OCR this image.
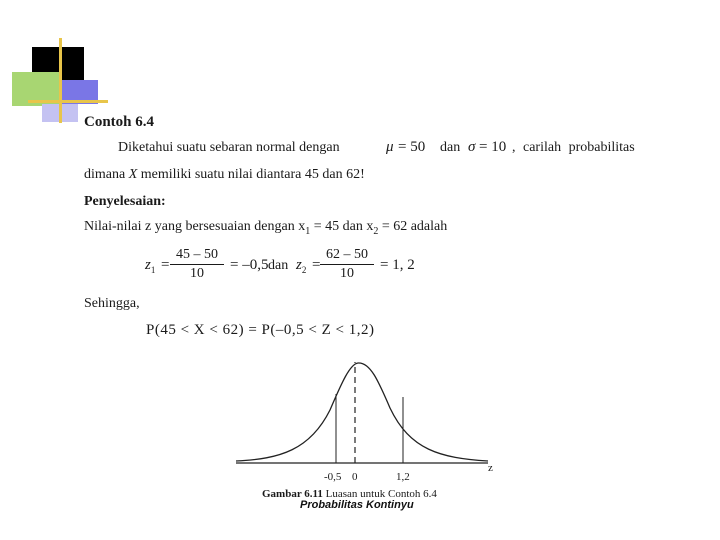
Contoh 6.4
Diketahui suatu sebaran normal dengan	μ = 50 dan σ = 10 , carilah probabilitas
dimana X memiliki suatu nilai diantara 45 dan 62!
Penyelesaian:
Nilai-nilai z yang bersesuaian dengan $x_1 = 45$ dan $x_2 = 62$ adalah
$z_1$ =
45 – 50
10
= –0,5 dan $z_2$ =
62 – 50
10
= 1, 2
Sehingga,
P(45 < X < 62) = P(–0,5 < Z < 1,2)
z
-0,5 0	1,2
Gambar 6.11 Luasan untuk Contoh 6.4
Probabilitas Kontinyu
